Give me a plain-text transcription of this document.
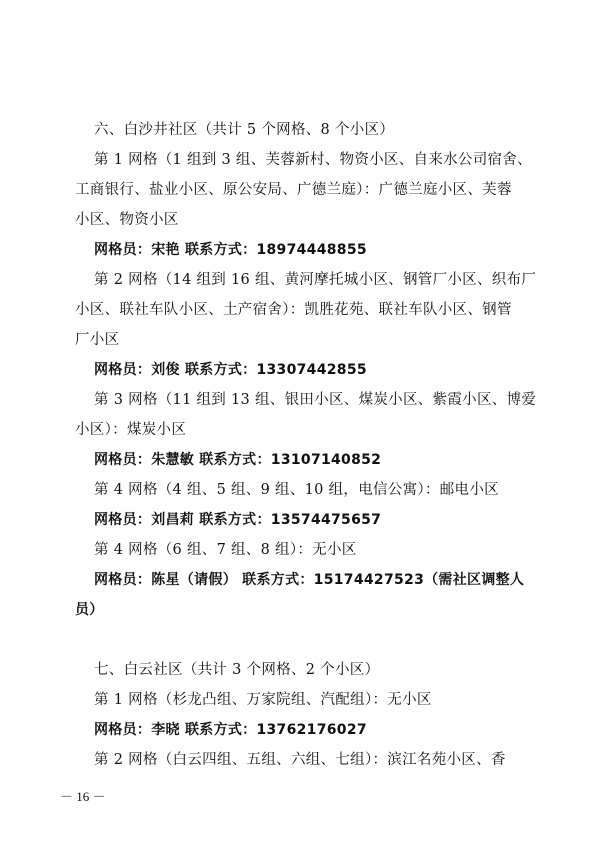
六、白沙井社区（共计 5 个网格、8 个小区）
第 1 网格（1 组到 3 组、芙蓉新村、物资小区、自来水公司宿舍、
工商银行、盐业小区、原公安局、广德兰庭）：广德兰庭小区、芙蓉
小区、物资小区
网格员：宋艳 联系方式：18974448855
第 2 网格（14 组到 16 组、黄河摩托城小区、钢管厂小区、织布厂
小区、联社车队小区、土产宿舍）：凯胜花苑、联社车队小区、钢管
厂小区
网格员：刘俊 联系方式：13307442855
第 3 网格（11 组到 13 组、银田小区、煤炭小区、紫霞小区、博爱
小区）：煤炭小区
网格员：朱慧敏 联系方式：13107140852
第 4 网格（4 组、5 组、9 组、10 组，电信公寓）：邮电小区
网格员：刘昌莉 联系方式：13574475657
第 4 网格（6 组、7 组、8 组）：无小区
网格员：陈星（请假） 联系方式：15174427523（需社区调整人
员）
七、白云社区（共计 3 个网格、2 个小区）
第 1 网格（杉龙凸组、万家院组、汽配组）：无小区
网格员：李晓 联系方式：13762176027
第 2 网格（白云四组、五组、六组、七组）：滨江名苑小区、香
－ 16 －
